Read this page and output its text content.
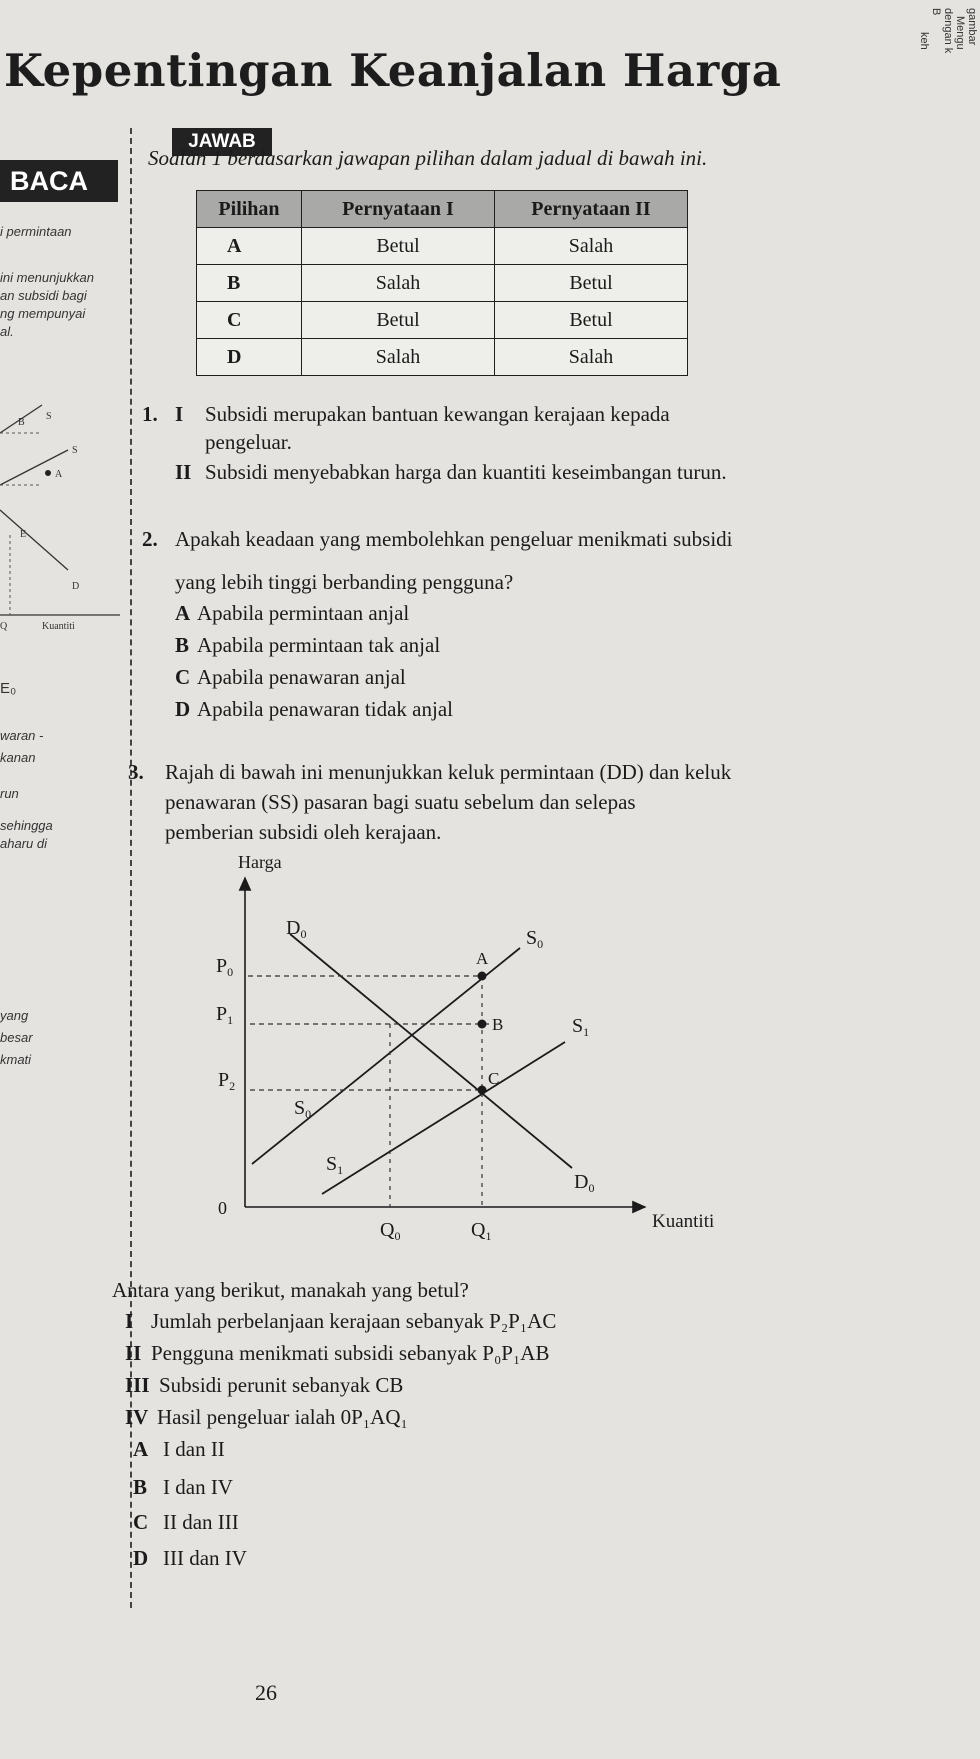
Kepentingan Keanjalan Harga
B dengan k Mengu
keh	gambar
BACA
JAWAB
i permintaan
ini menunjukkan
an subsidi bagi
ng mempunyai
al.
E₀
waran -
kanan
run
sehingga
aharu di
yang
besar
kmati
B
S
A
S
E
D
Q	Kuantiti
Soalan 1 berdasarkan jawapan pilihan dalam jadual di bawah ini.
Pilihan	Pernyataan I	Pernyataan II
A	Betul	Salah
B	Salah	Betul
C	Betul	Betul
D	Salah	Salah
1. I	Subsidi merupakan bantuan kewangan kerajaan kepada
pengeluar.
II Subsidi menyebabkan harga dan kuantiti keseimbangan turun.
2. Apakah keadaan yang membolehkan pengeluar menikmati subsidi
yang lebih tinggi berbanding pengguna?
A Apabila permintaan anjal
B Apabila permintaan tak anjal
C Apabila penawaran anjal
D Apabila penawaran tidak anjal
3. Rajah di bawah ini menunjukkan keluk permintaan (DD) dan keluk
penawaran (SS) pasaran bagi suatu sebelum dan selepas
pemberian subsidi oleh kerajaan.
Harga
Kuantiti
0
$D_0$
$D_0$
$S_0$
$S_0$
$S_1$
$S_1$
$P_0$
$P_1$
$P_2$
$Q_0$	$Q_1$
A
B
C
Antara yang berikut, manakah yang betul?
I Jumlah perbelanjaan kerajaan sebanyak P₂P₁AC
II Pengguna menikmati subsidi sebanyak P₀P₁AB
III Subsidi perunit sebanyak CB
IV Hasil pengeluar ialah 0P₁AQ₁
A I dan II
B I dan IV
C II dan III
D III dan IV
26
